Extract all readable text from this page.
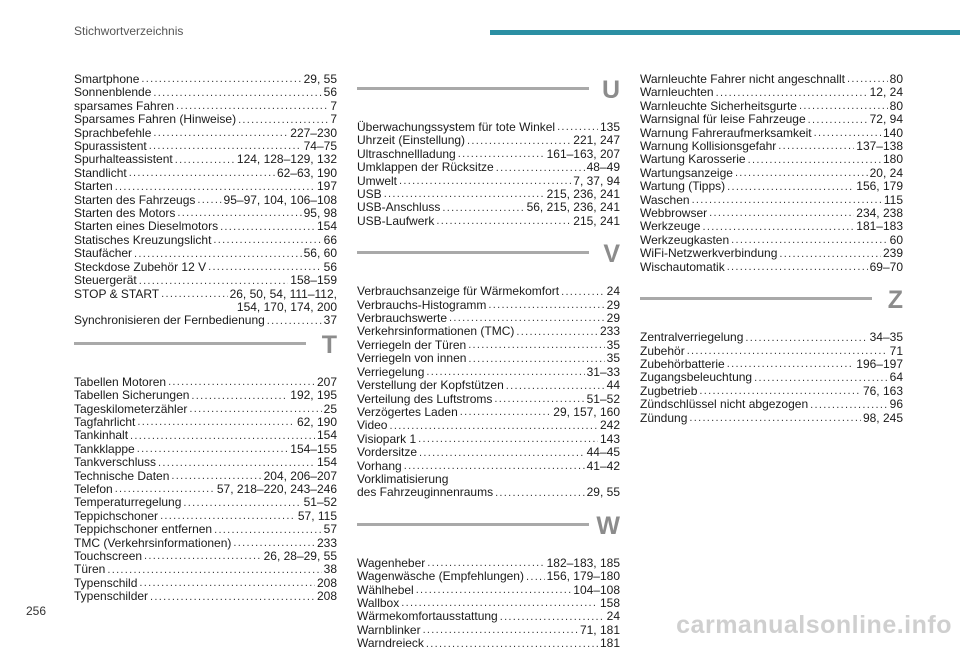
Stichwortverzeichnis
Smartphone .....	29, 55
Sonnenblende .....	56
sparsames Fahren .....	7
Sparsames Fahren (Hinweise) .....	7
Sprachbefehle .....	227–230
Spurassistent .....	74–75
Spurhalteassistent .....	124, 128–129, 132
Standlicht .....	62–63, 190
Starten .....	197
Starten des Fahrzeugs ..... 95–97, 104, 106–108
Starten des Motors .....	95, 98
Starten eines Dieselmotors .....	154
Statisches Kreuzungslicht .....	66
Staufächer .....	56, 60
Steckdose Zubehör 12 V .....	56
Steuergerät .....	158–159
STOP & START .....	26, 50, 54, 111–112,
154, 170, 174, 200
Synchronisieren der Fernbedienung .....	37
T
Tabellen Motoren .....	207
Tabellen Sicherungen .....	192, 195
Tageskilometerzähler .....	25
Tagfahrlicht .....	62, 190
Tankinhalt .....	154
Tankklappe .....	154–155
Tankverschluss .....	154
Technische Daten .....	204, 206–207
Telefon .....	57, 218–220, 243–246
Temperaturregelung .....	51–52
Teppichschoner .....	57, 115
Teppichschoner entfernen .....	57
TMC (Verkehrsinformationen) .....	233
Touchscreen .....	26, 28–29, 55
Türen .....	38
Typenschild .....	208
Typenschilder .....	208
U
Überwachungssystem für tote Winkel .....	135
Uhrzeit (Einstellung) .....	221, 247
Ultraschnellladung .....	161–163, 207
Umklappen der Rücksitze .....	48–49
Umwelt .....	7, 37, 94
USB .....	215, 236, 241
USB-Anschluss .....	56, 215, 236, 241
USB-Laufwerk .....	215, 241
V
Verbrauchsanzeige für Wärmekomfort .....	24
Verbrauchs-Histogramm .....	29
Verbrauchswerte .....	29
Verkehrsinformationen (TMC) .....	233
Verriegeln der Türen .....	35
Verriegeln von innen .....	35
Verriegelung .....	31–33
Verstellung der Kopfstützen .....	44
Verteilung des Luftstroms .....	51–52
Verzögertes Laden .....	29, 157, 160
Video .....	242
Visiopark 1 .....	143
Vordersitze .....	44–45
Vorhang .....	41–42
Vorklimatisierung
des Fahrzeuginnenraums .....	29, 55
W
Wagenheber .....	182–183, 185
Wagenwäsche (Empfehlungen) ..... 156, 179–180
Wählhebel .....	104–108
Wallbox .....	158
Wärmekomfortausstattung .....	24
Warnblinker .....	71, 181
Warndreieck .....	181
Warnleuchte Fahrer nicht angeschnallt .....	80
Warnleuchten .....	12, 24
Warnleuchte Sicherheitsgurte .....	80
Warnsignal für leise Fahrzeuge .....	72, 94
Warnung Fahreraufmerksamkeit .....	140
Warnung Kollisionsgefahr .....	137–138
Wartung Karosserie .....	180
Wartungsanzeige .....	20, 24
Wartung (Tipps) .....	156, 179
Waschen .....	115
Webbrowser .....	234, 238
Werkzeuge .....	181–183
Werkzeugkasten .....	60
WiFi-Netzwerkverbindung .....	239
Wischautomatik .....	69–70
Z
Zentralverriegelung .....	34–35
Zubehör .....	71
Zubehörbatterie .....	196–197
Zugangsbeleuchtung .....	64
Zugbetrieb .....	76, 163
Zündschlüssel nicht abgezogen .....	96
Zündung .....	98, 245
256	carmanualsonline.info
